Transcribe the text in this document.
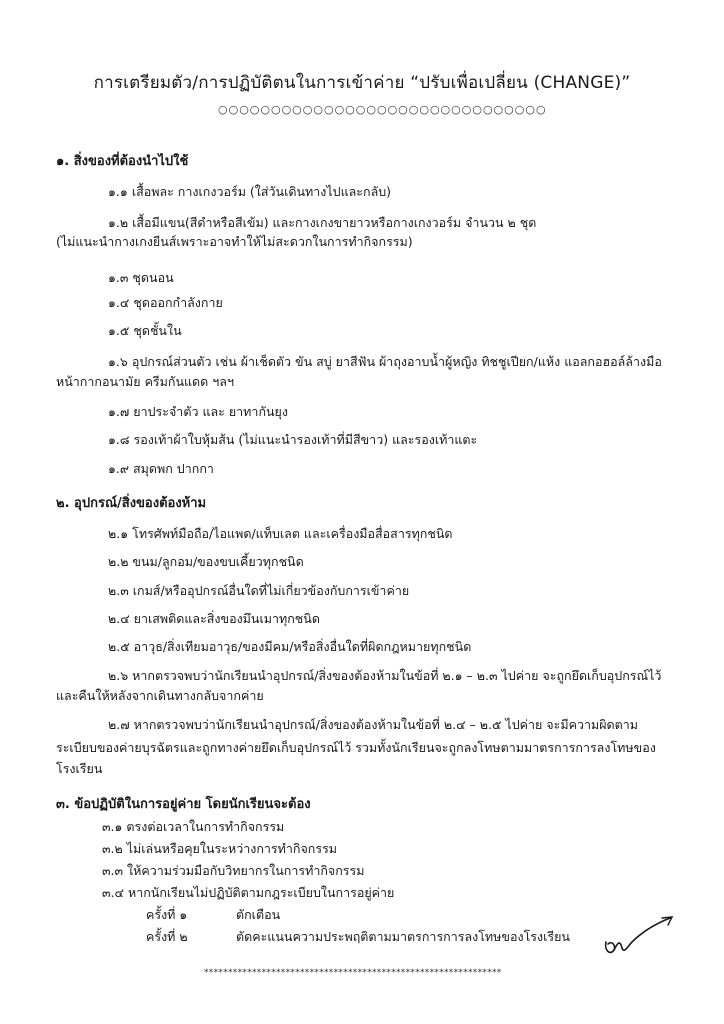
การเตรียมตัว/การปฏิบัติตนในการเข้าค่าย “ปรับเพื่อเปลี่ยน (CHANGE)”
○○○○○○○○○○○○○○○○○○○○○○○○○○○○○○○
๑. สิ่งของที่ต้องนำไปใช้
๑.๑ เสื้อพละ กางเกงวอร์ม (ใส่วันเดินทางไปและกลับ)
๑.๒ เสื้อมีแขน(สีดำหรือสีเข้ม) และกางเกงขายาวหรือกางเกงวอร์ม จำนวน ๒ ชุด
(ไม่แนะนำกางเกงยีนส์เพราะอาจทำให้ไม่สะดวกในการทำกิจกรรม)
๑.๓ ชุดนอน
๑.๔ ชุดออกกำลังกาย
๑.๕ ชุดชั้นใน
๑.๖ อุปกรณ์ส่วนตัว เช่น ผ้าเช็ดตัว ขัน สบู่ ยาสีฟัน ผ้าถุงอาบน้ำผู้หญิง ทิชชูเปียก/แห้ง แอลกอฮอล์ล้างมือ
หน้ากากอนามัย ครีมกันแดด ฯลฯ
๑.๗ ยาประจำตัว และ ยาทากันยุง
๑.๘ รองเท้าผ้าใบหุ้มส้น (ไม่แนะนำรองเท้าที่มีสีขาว) และรองเท้าแตะ
๑.๙ สมุดพก ปากกา
๒. อุปกรณ์/สิ่งของต้องห้าม
๒.๑ โทรศัพท์มือถือ/ไอแพด/แท็บเลต และเครื่องมือสื่อสารทุกชนิด
๒.๒ ขนม/ลูกอม/ของขบเคี้ยวทุกชนิด
๒.๓ เกมส์/หรืออุปกรณ์อื่นใดที่ไม่เกี่ยวข้องกับการเข้าค่าย
๒.๔ ยาเสพติดและสิ่งของมึนเมาทุกชนิด
๒.๕ อาวุธ/สิ่งเทียมอาวุธ/ของมีคม/หรือสิ่งอื่นใดที่ผิดกฎหมายทุกชนิด
๒.๖ หากตรวจพบว่านักเรียนนำอุปกรณ์/สิ่งของต้องห้ามในข้อที่ ๒.๑ – ๒.๓ ไปค่าย จะถูกยึดเก็บอุปกรณ์ไว้
และคืนให้หลังจากเดินทางกลับจากค่าย
๒.๗ หากตรวจพบว่านักเรียนนำอุปกรณ์/สิ่งของต้องห้ามในข้อที่ ๒.๔ – ๒.๕ ไปค่าย จะมีความผิดตาม
ระเบียบของค่ายบุรฉัตรและถูกทางค่ายยึดเก็บอุปกรณ์ไว้ รวมทั้งนักเรียนจะถูกลงโทษตามมาตรการการลงโทษของ
โรงเรียน
๓. ข้อปฏิบัติในการอยู่ค่าย โดยนักเรียนจะต้อง
๓.๑ ตรงต่อเวลาในการทำกิจกรรม
๓.๒ ไม่เล่นหรือคุยในระหว่างการทำกิจกรรม
๓.๓ ให้ความร่วมมือกับวิทยากรในการทำกิจกรรม
๓.๔ หากนักเรียนไม่ปฏิบัติตามกฎระเบียบในการอยู่ค่าย
ครั้งที่ ๑	ตักเตือน
ครั้งที่ ๒	ตัดคะแนนความประพฤติตามมาตรการการลงโทษของโรงเรียน
**************************************************************
